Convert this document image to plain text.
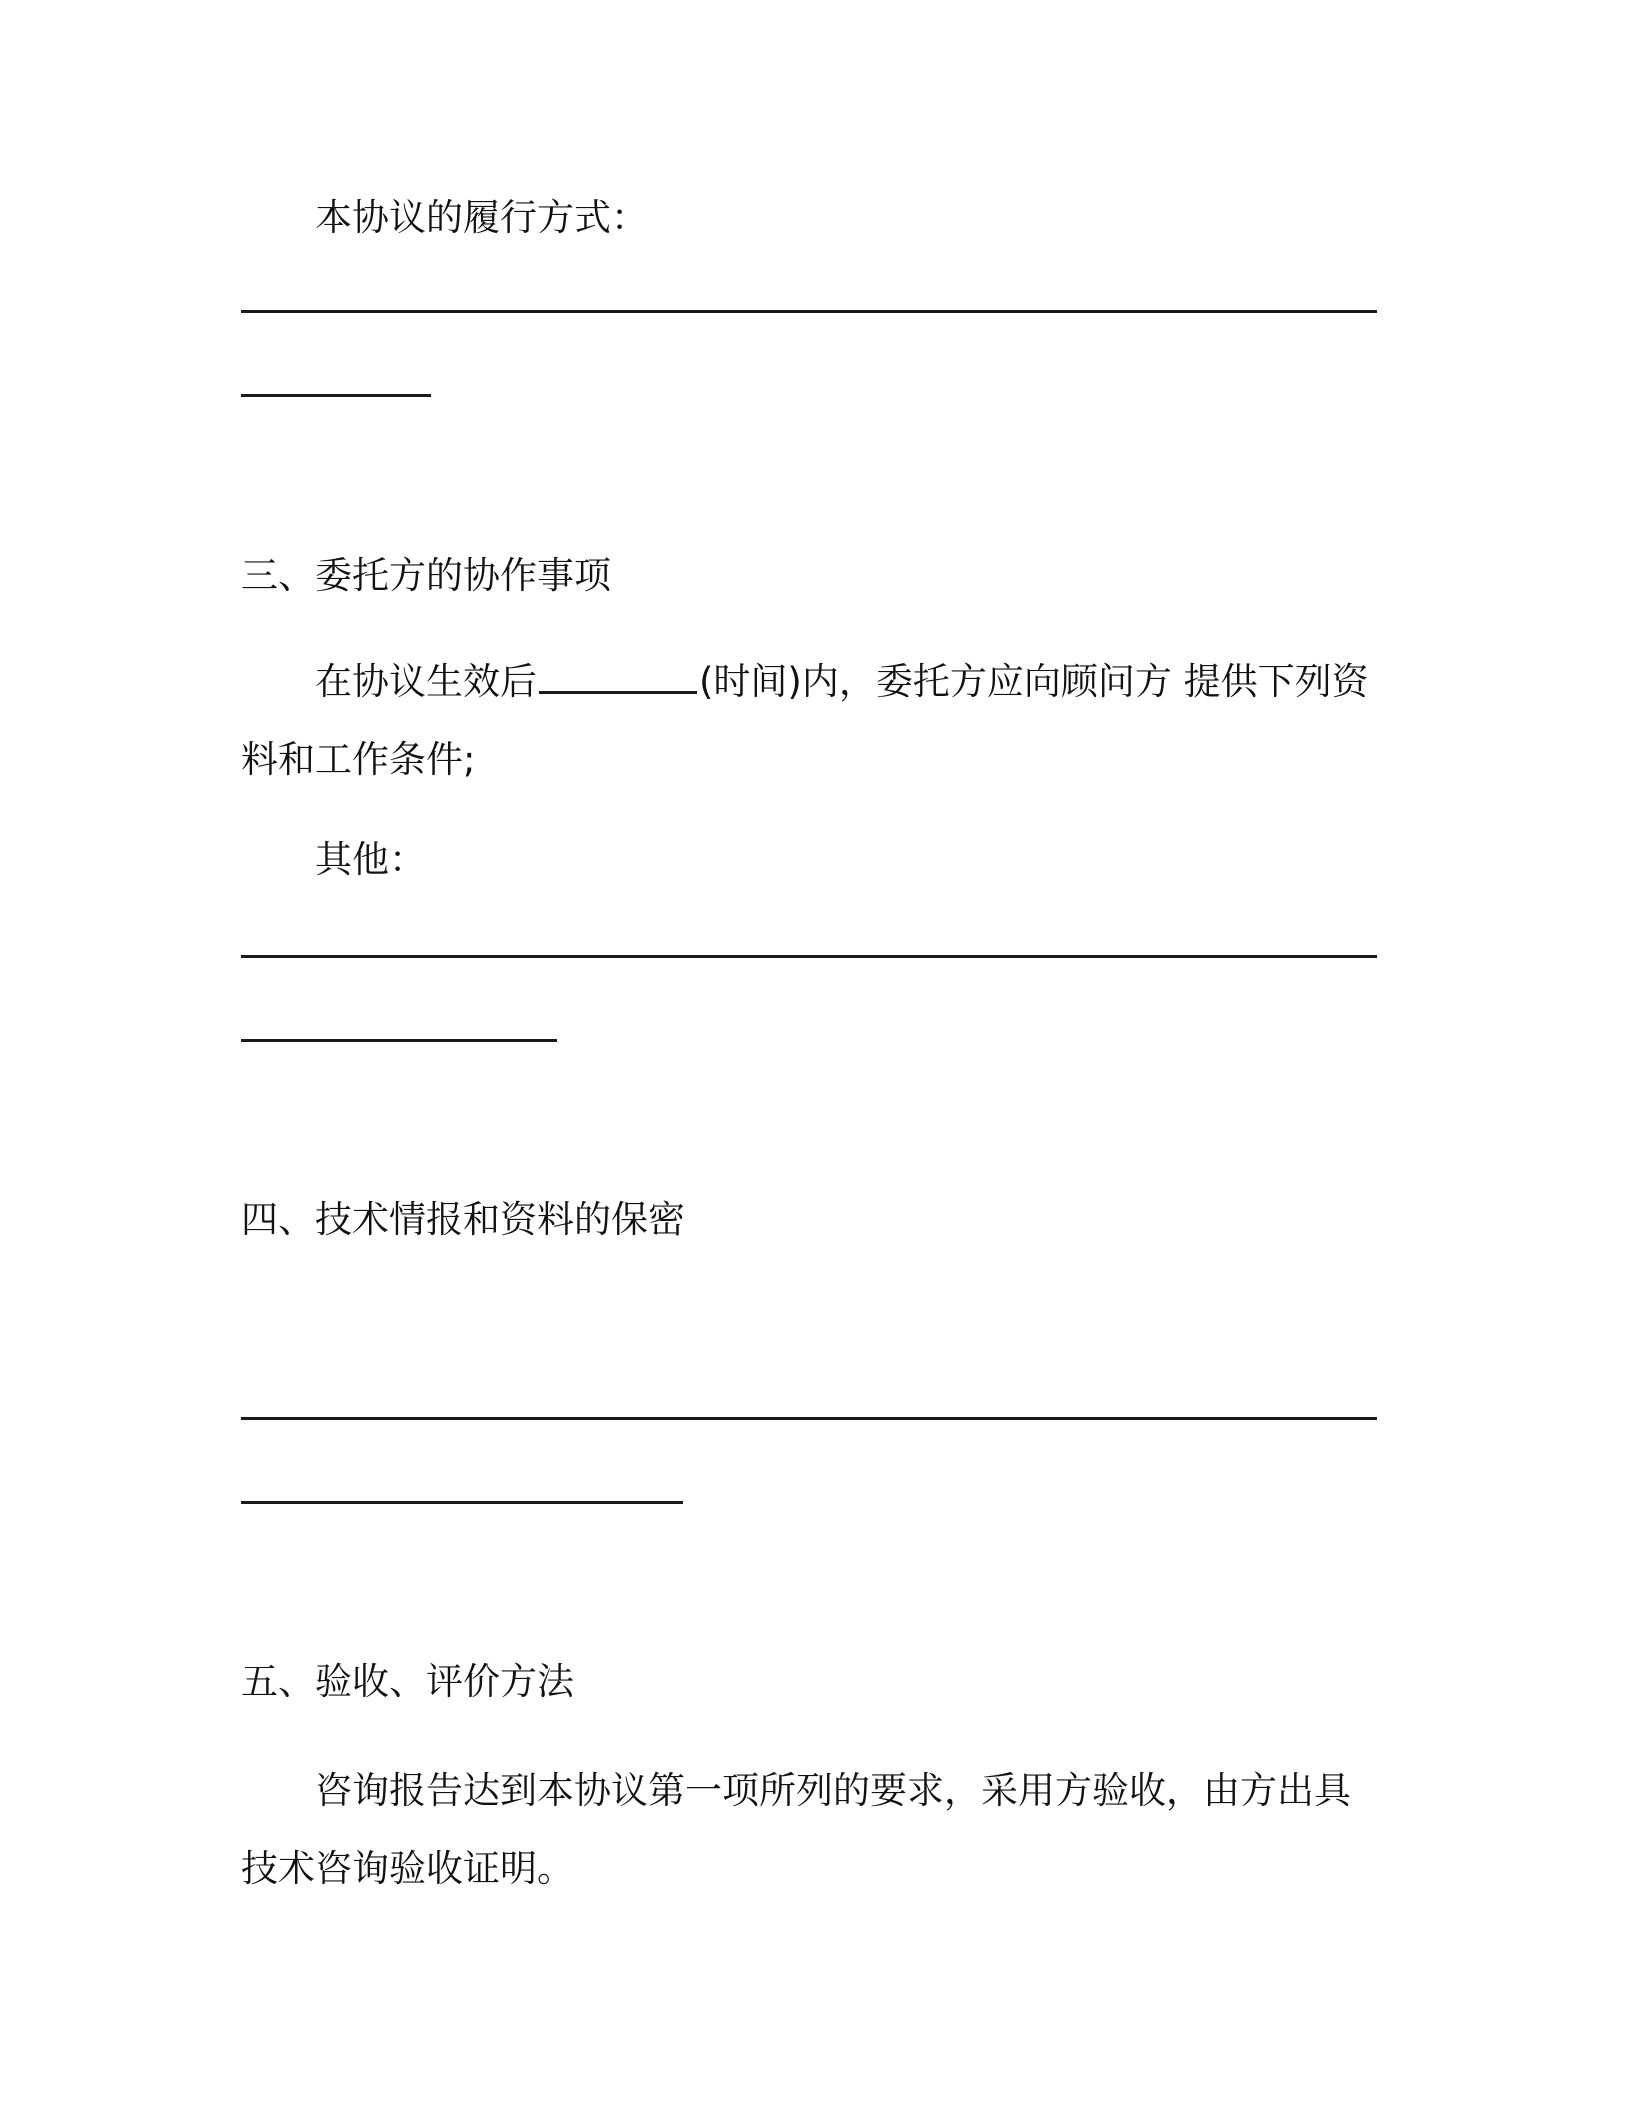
本协议的履行方式：
三、委托方的协作事项
在协议生效后	(时间)内，委托方应向顾问方 提供下列资
料和工作条件;
其他：
四、技术情报和资料的保密
五、验收、评价方法
咨询报告达到本协议第一项所列的要求，采用方验收，由方出具
技术咨询验收证明。
